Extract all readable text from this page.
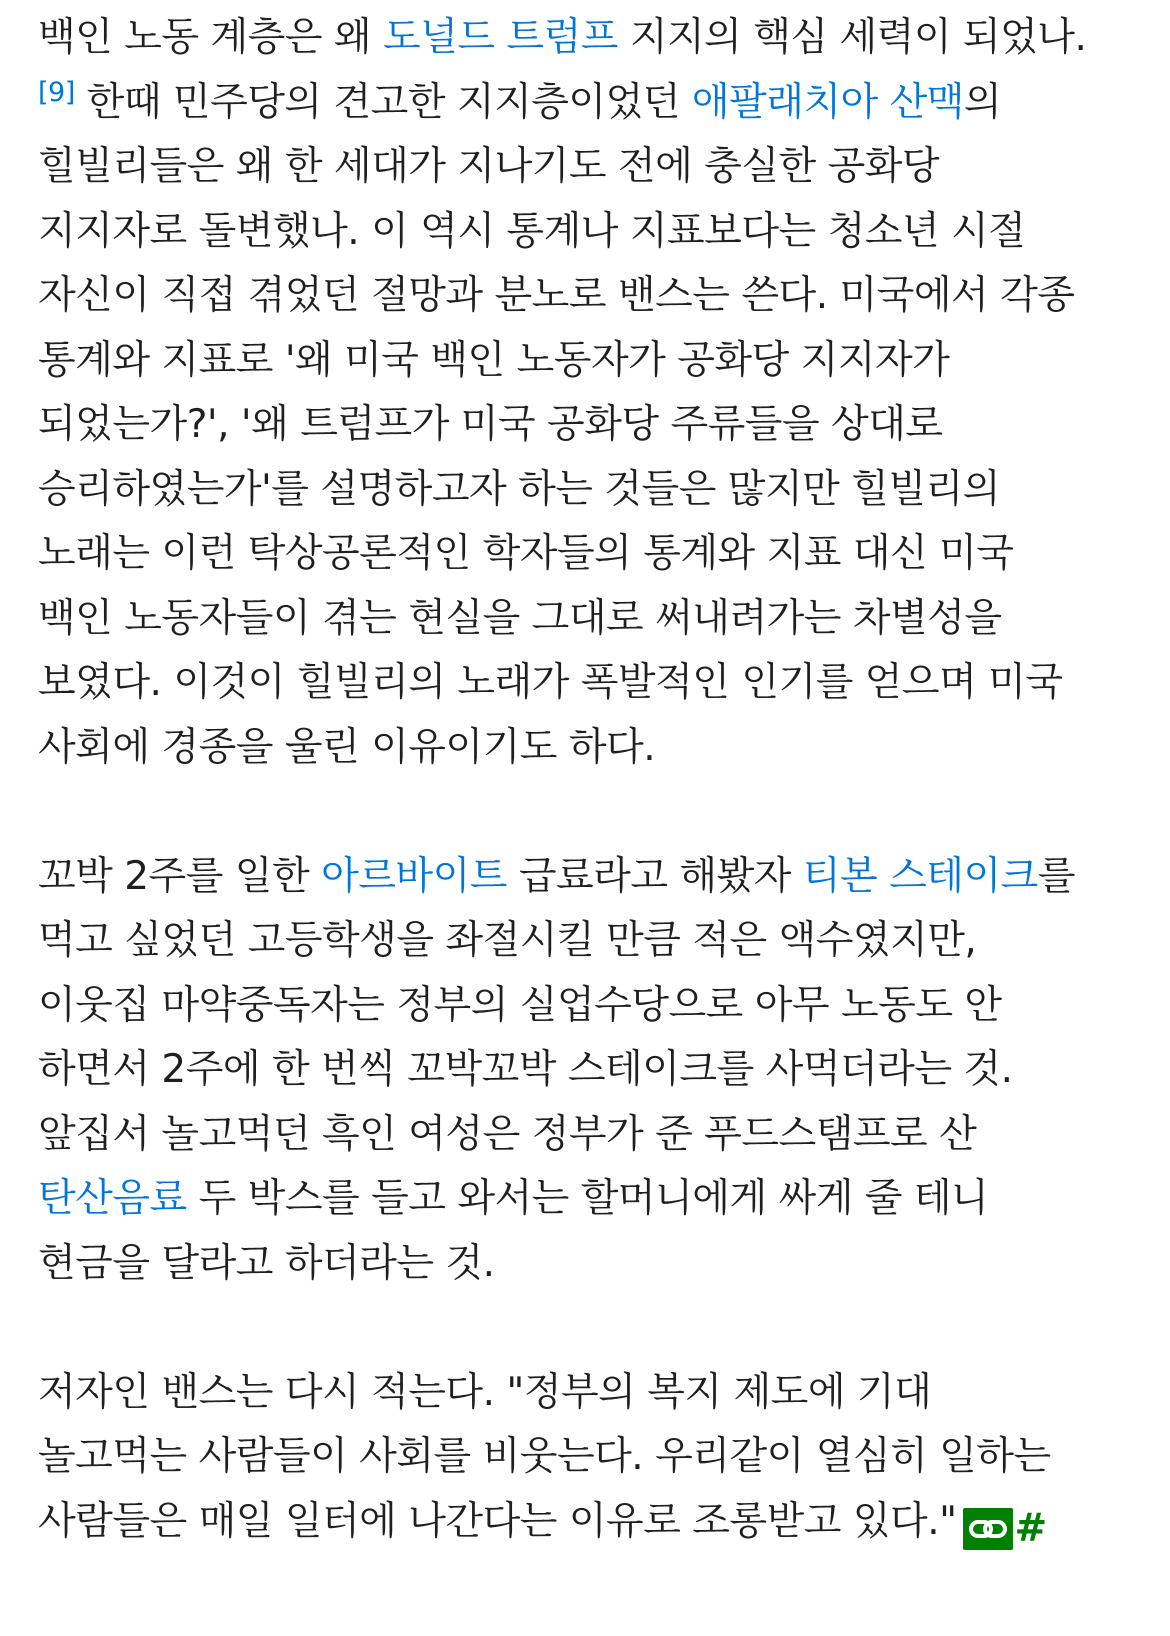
백인 노동 계층은 왜 도널드 트럼프 지지의 핵심 세력이 되었나. [9] 한때 민주당의 견고한 지지층이었던 애팔래치아 산맥의 힐빌리들은 왜 한 세대가 지나기도 전에 충실한 공화당 지지자로 돌변했나. 이 역시 통계나 지표보다는 청소년 시절 자신이 직접 겪었던 절망과 분노로 밴스는 쓴다. 미국에서 각종 통계와 지표로 '왜 미국 백인 노동자가 공화당 지지자가 되었는가?', '왜 트럼프가 미국 공화당 주류들을 상대로 승리하였는가'를 설명하고자 하는 것들은 많지만 힐빌리의 노래는 이런 탁상공론적인 학자들의 통계와 지표 대신 미국 백인 노동자들이 겪는 현실을 그대로 써내려가는 차별성을 보였다. 이것이 힐빌리의 노래가 폭발적인 인기를 얻으며 미국 사회에 경종을 울린 이유이기도 하다.

꼬박 2주를 일한 아르바이트 급료라고 해봤자 티본 스테이크를 먹고 싶었던 고등학생을 좌절시킬 만큼 적은 액수였지만, 이웃집 마약중독자는 정부의 실업수당으로 아무 노동도 안 하면서 2주에 한 번씩 꼬박꼬박 스테이크를 사먹더라는 것. 앞집서 놀고먹던 흑인 여성은 정부가 준 푸드스탬프로 산 탄산음료 두 박스를 들고 와서는 할머니에게 싸게 줄 테니 현금을 달라고 하더라는 것.

저자인 밴스는 다시 적는다. "정부의 복지 제도에 기대 놀고먹는 사람들이 사회를 비웃는다. 우리같이 열심히 일하는 사람들은 매일 일터에 나간다는 이유로 조롱받고 있다." #
